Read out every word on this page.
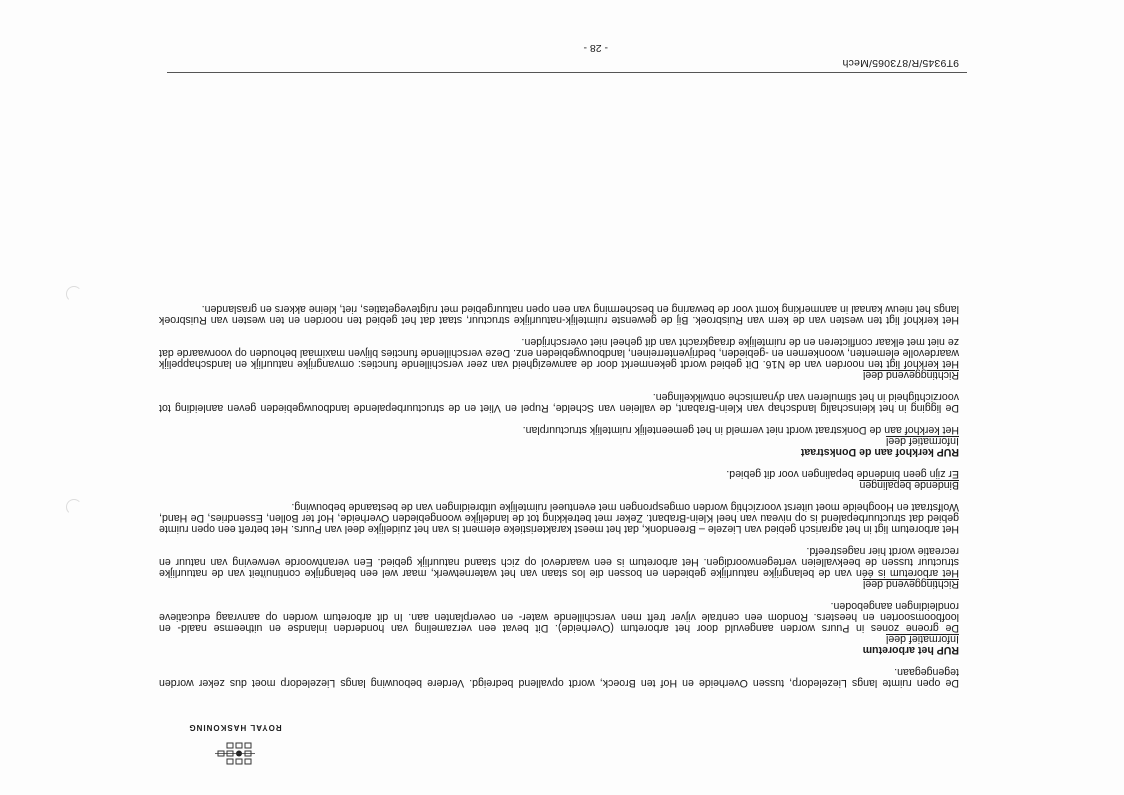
ROYAL HASKONING

De open ruimte langs Liezeledorp, tussen Overheide en Hof ten Broeck, wordt opvallend bedreigd. Verdere bebouwing langs Liezeledorp moet dus zeker worden tegengegaan.

RUP het arboretum
Informatief deel

De groene zones in Puurs worden aangevuld door het arboretum (Overheide). Dit bevat een verzameling van honderden inlandse en uitheemse naald- en loofboomsoorten en heesters. Rondom een centrale vijver treft men verschillende water- en oeverplanten aan. In dit arboretum worden op aanvraag educatieve rondleidingen aangeboden.

Richtinggevend deel

Het arboretum is één van de belangrijke natuurlijke gebieden en bossen die los staan van het waternetwerk, maar wel een belangrijke continuïteit van de natuurlijke structuur tussen de beekvalleien vertegenwoordigen. Het arboretum is een waardevol op zich staand natuurlijk gebied. Een verantwoorde verweving van natuur en recreatie wordt hier nagestreefd.

Het arboretum ligt in het agrarisch gebied van Liezele – Breendonk, dat het meest karakteristieke element is van het zuidelijke deel van Puurs. Het betreft een open ruimte gebied dat structuurbepalend is op niveau van heel Klein-Brabant. Zeker met betrekking tot de landelijke woongebieden Overheide, Hof ter Bollen, Essendries, De Hand, Wolfstraat en Hoogheide moet uiterst voorzichtig worden omgesprongen met eventueel ruimtelijke uitbreidingen van de bestaande bebouwing.

Bindende bepalingen

Er zijn geen bindende bepalingen voor dit gebied.

RUP kerkhof aan de Donkstraat
Informatief deel

Het kerkhof aan de Donkstraat wordt niet vermeld in het gemeentelijk ruimtelijk structuurplan.

De ligging in het kleinschalig landschap van Klein-Brabant, de valleien van Schelde, Rupel en Vliet en de structuurbepalende landbouwgebieden geven aanleiding tot voorzichtigheid in het stimuleren van dynamische ontwikkelingen.

Richtinggevend deel

Het kerkhof ligt ten noorden van de N16. Dit gebied wordt gekenmerkt door de aanwezigheid van zeer verschillende functies: omvangrijke natuurlijk en landschappelijk waardevolle elementen, woonkernen en -gebieden, bedrijventerreinen, landbouwgebieden enz. Deze verschillende functies blijven maximaal behouden op voorwaarde dat ze niet met elkaar conflicteren en de ruimtelijke draagkracht van dit geheel niet overschrijden.

Het kerkhof ligt ten westen van de kern van Ruisbroek. Bij de gewenste ruimtelijk-natuurlijke structuur, staat dat het gebied ten noorden en ten westen van Ruisbroek langs het nieuw kanaal in aanmerking komt voor de bewaring en bescherming van een open natuurgebied met ruigtevegetaties, riet, kleine akkers en graslanden.

9T9345/R/873065/Mech
- 28 -
